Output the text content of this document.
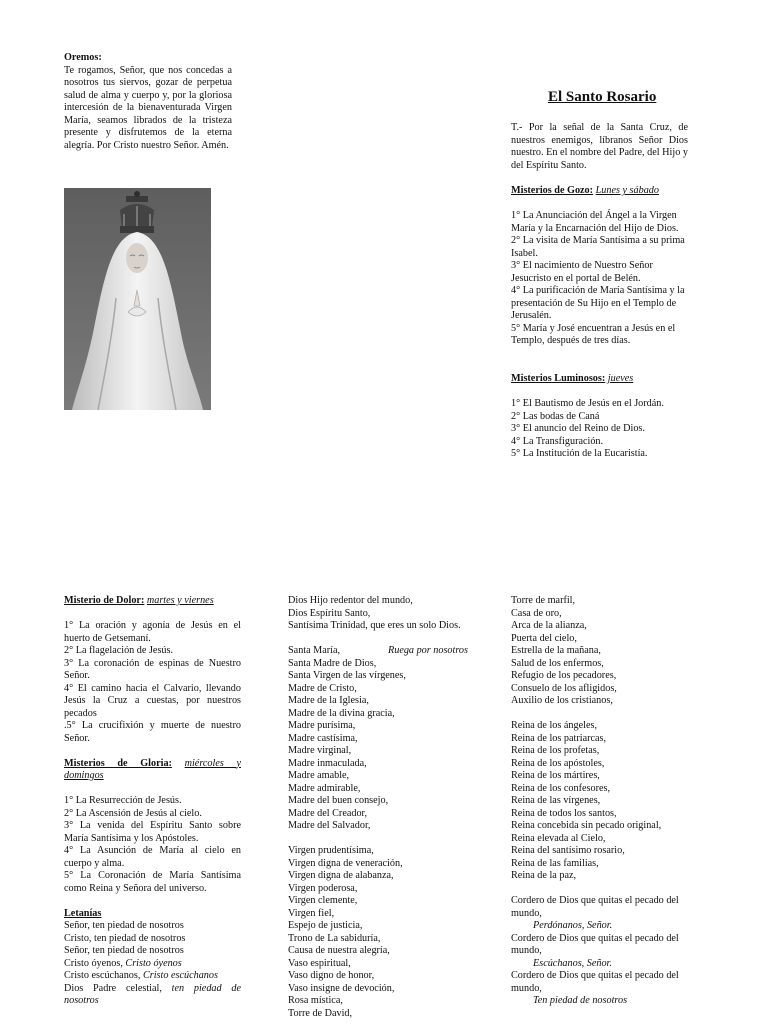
Oremos:
Te rogamos, Señor, que nos concedas a nosotros tus siervos, gozar de perpetua salud de alma y cuerpo y, por la gloriosa intercesión de la bienaventurada Virgen María, seamos librados de la tristeza presente y disfrutemos de la eterna alegría. Por Cristo nuestro Señor. Amén.
El Santo Rosario
T.- Por la señal de la Santa Cruz, de nuestros enemigos, líbranos Señor Dios nuestro. En el nombre del Padre, del Hijo y del Espíritu Santo.
Misterios de Gozo: Lunes y sábado
1° La Anunciación del Ángel a la Virgen María y la Encarnación del Hijo de Dios.
2° La visita de María Santísima a su prima Isabel.
3° El nacimiento de Nuestro Señor Jesucristo en el portal de Belén.
4° La purificación de María Santísima y la presentación de Su Hijo en el Templo de Jerusalén.
5° María y José encuentran a Jesús en el Templo, después de tres días.
Misterios Luminosos: jueves
1° El Bautismo de Jesús en el Jordán.
2° Las bodas de Caná
3° El anuncio del Reino de Dios.
4° La Transfiguración.
5° La Institución de la Eucaristía.
Misterio de Dolor: martes y viernes
1° La oración y agonía de Jesús en el huerto de Getsemaní.
2° La flagelación de Jesús.
3° La coronación de espinas de Nuestro Señor.
4° El camino hacia el Calvario, llevando Jesús la Cruz a cuestas, por nuestros pecados
.5° La crucifixión y muerte de nuestro Señor.
Misterios de Gloria: miércoles y domingos
1° La Resurrección de Jesús.
2° La Ascensión de Jesús al cielo.
3° La venida del Espíritu Santo sobre María Santísima y los Apóstoles.
4° La Asunción de María al cielo en cuerpo y alma.
5° La Coronación de María Santísima como Reina y Señora del universo.
Letanías
Señor, ten piedad de nosotros
Cristo, ten piedad de nosotros
Señor, ten piedad de nosotros
Cristo óyenos, Cristo óyenos
Cristo escúchanos, Cristo escúchanos
Dios Padre celestial, ten piedad de nosotros
Dios Hijo redentor del mundo,
Dios Espíritu Santo,
Santísima Trinidad, que eres un solo Dios.
Santa María,	Ruega por nosotros
Santa Madre de Dios,
Santa Virgen de las vírgenes,
Madre de Cristo,
Madre de la Iglesia,
Madre de la divina gracia,
Madre purísima,
Madre castísima,
Madre virginal,
Madre inmaculada,
Madre amable,
Madre admirable,
Madre del buen consejo,
Madre del Creador,
Madre del Salvador,
Virgen prudentísima,
Virgen digna de veneración,
Virgen digna de alabanza,
Virgen poderosa,
Virgen clemente,
Virgen fiel,
Espejo de justicia,
Trono de La sabiduría,
Causa de nuestra alegría,
Vaso espiritual,
Vaso digno de honor,
Vaso insigne de devoción,
Rosa mística,
Torre de David,
Torre de marfil,
Casa de oro,
Arca de la alianza,
Puerta del cielo,
Estrella de la mañana,
Salud de los enfermos,
Refugio de los pecadores,
Consuelo de los afligidos,
Auxilio de los cristianos,
Reina de los ángeles,
Reina de los patriarcas,
Reina de los profetas,
Reina de los apóstoles,
Reina de los mártires,
Reina de los confesores,
Reina de las vírgenes,
Reina de todos los santos,
Reina concebida sin pecado original,
Reina elevada al Cielo,
Reina del santísimo rosario,
Reina de las familias,
Reina de la paz,
Cordero de Dios que quitas el pecado del mundo,
Perdónanos, Señor.
Cordero de Dios que quitas el pecado del mundo,
Escúchanos, Señor.
Cordero de Dios que quitas el pecado del mundo,
Ten piedad de nosotros
